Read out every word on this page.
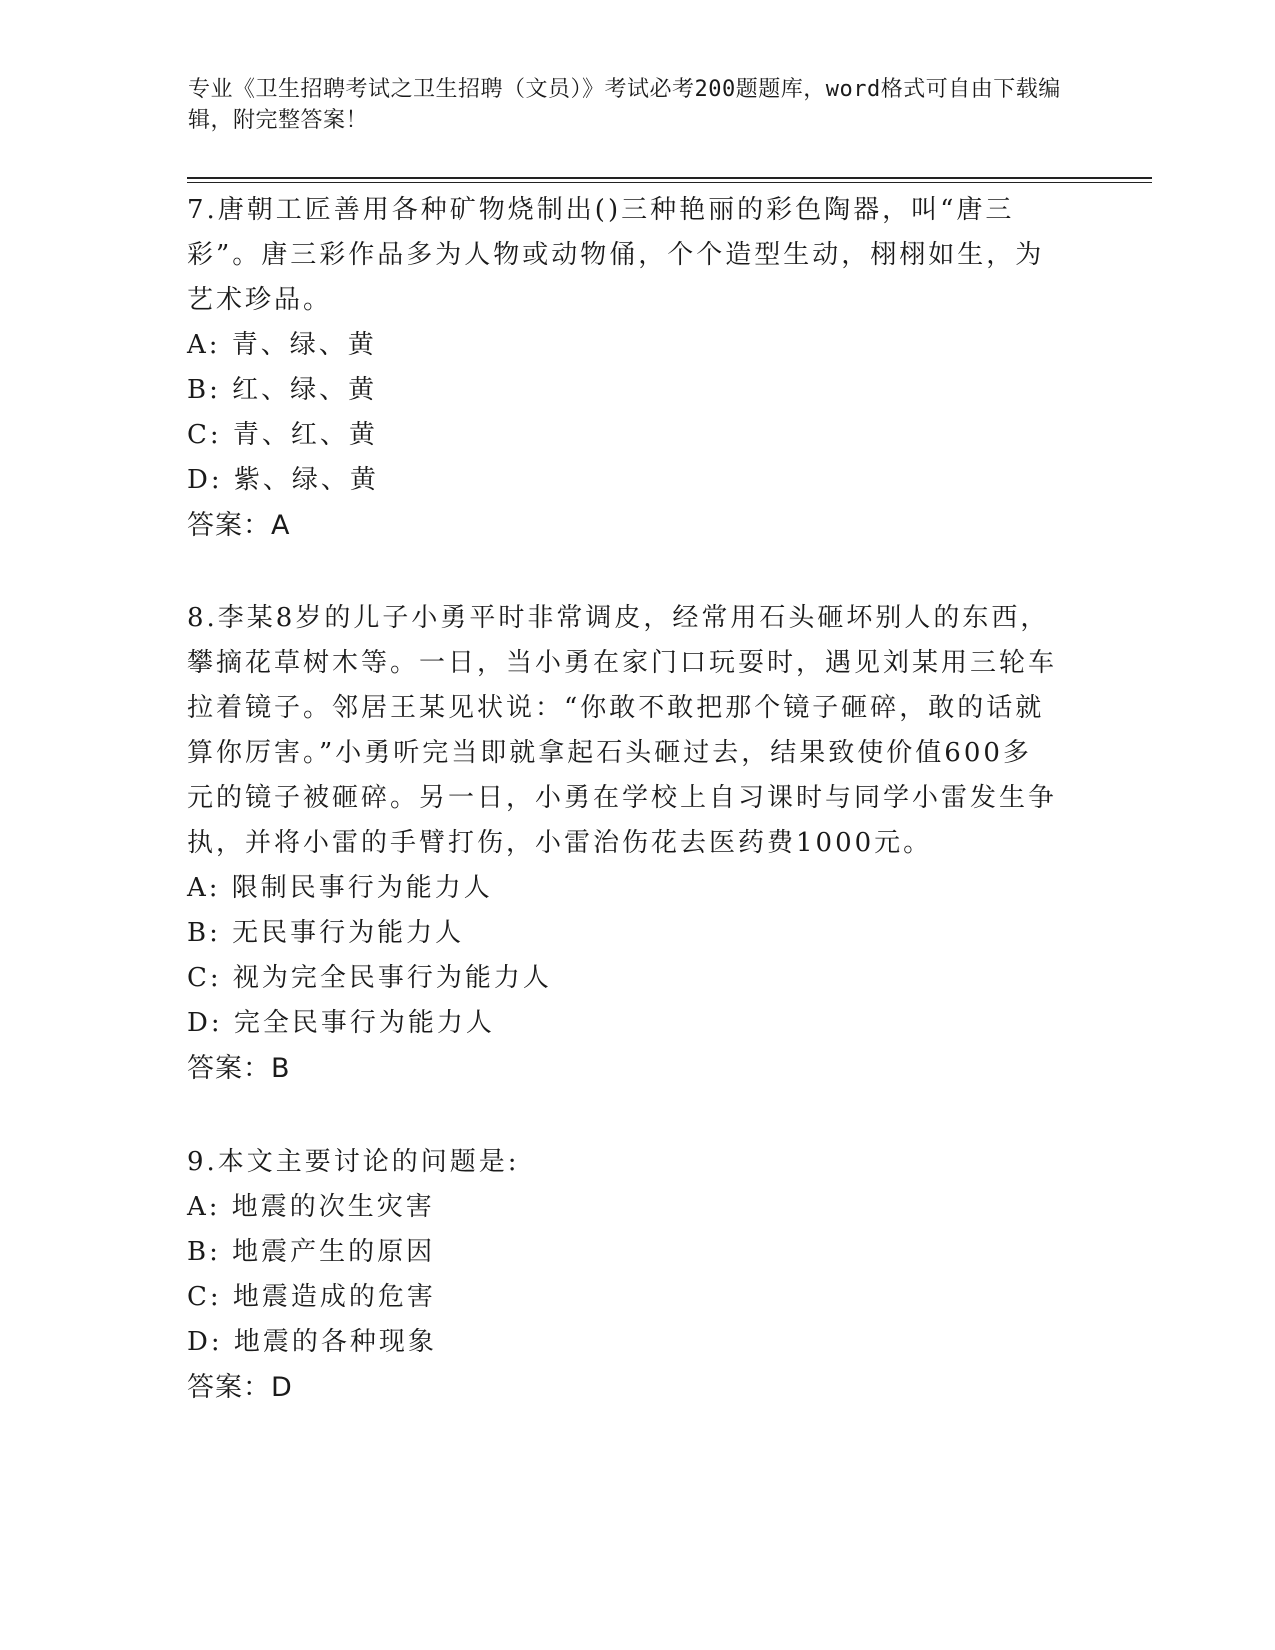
专业《卫生招聘考试之卫生招聘（文员）》考试必考200题题库，word格式可自由下载编辑，附完整答案！

7.唐朝工匠善用各种矿物烧制出()三种艳丽的彩色陶器，叫“唐三彩”。唐三彩作品多为人物或动物俑，个个造型生动，栩栩如生，为艺术珍品。

A: 青、绿、黄

B: 红、绿、黄

C: 青、红、黄

D: 紫、绿、黄

答案：A

8.李某8岁的儿子小勇平时非常调皮，经常用石头砸坏别人的东西，攀摘花草树木等。一日，当小勇在家门口玩耍时，遇见刘某用三轮车拉着镜子。邻居王某见状说：“你敢不敢把那个镜子砸碎，敢的话就算你厉害。”小勇听完当即就拿起石头砸过去，结果致使价值600多元的镜子被砸碎。另一日，小勇在学校上自习课时与同学小雷发生争执，并将小雷的手臂打伤，小雷治伤花去医药费1000元。

A: 限制民事行为能力人

B: 无民事行为能力人

C: 视为完全民事行为能力人

D: 完全民事行为能力人

答案：B

9.本文主要讨论的问题是:

A: 地震的次生灾害

B: 地震产生的原因

C: 地震造成的危害

D: 地震的各种现象

答案：D
